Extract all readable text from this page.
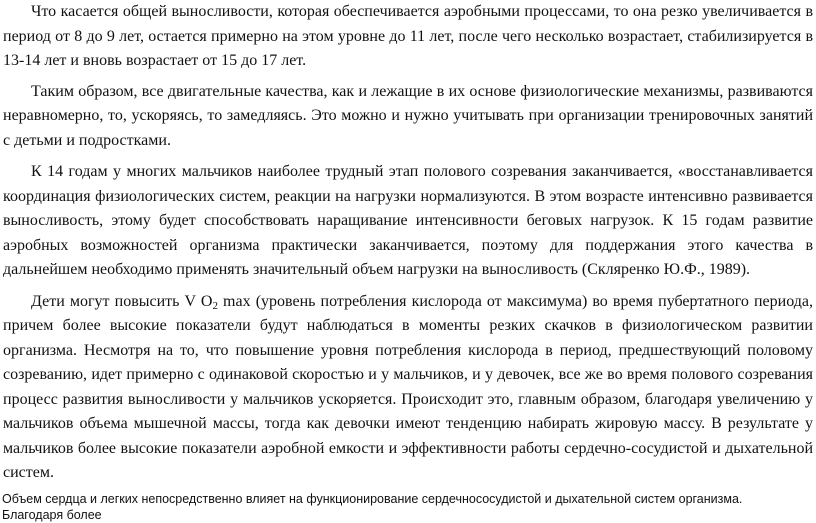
Что касается общей выносливости, которая обеспечивается аэробными процессами, то она резко увеличивается в период от 8 до 9 лет, остается примерно на этом уровне до 11 лет, после чего несколько возрастает, стабилизируется в 13-14 лет и вновь возрастает от 15 до 17 лет.

Таким образом, все двигательные качества, как и лежащие в их основе физиологические механизмы, развиваются неравномерно, то, ускоряясь, то замедляясь. Это можно и нужно учитывать при организации тренировочных занятий с детьми и подростками.

К 14 годам у многих мальчиков наиболее трудный этап полового созревания заканчивается, «восстанавливается координация физиологических систем, реакции на нагрузки нормализуются. В этом возрасте интенсивно развивается выносливость, этому будет способствовать наращивание интенсивности беговых нагрузок. К 15 годам развитие аэробных возможностей организма практически заканчивается, поэтому для поддержания этого качества в дальнейшем необходимо применять значительный объем нагрузки на выносливость (Скляренко Ю.Ф., 1989).

Дети могут повысить V $O_2$ max (уровень потребления кислорода от максимума) во время пубертатного периода, причем более высокие показатели будут наблюдаться в моменты резких скачков в физиологическом развитии организма. Несмотря на то, что повышение уровня потребления кислорода в период, предшествующий половому созреванию, идет примерно с одинаковой скоростью и у мальчиков, и у девочек, все же во время полового созревания процесс развития выносливости у мальчиков ускоряется. Происходит это, главным образом, благодаря увеличению у мальчиков объема мышечной массы, тогда как девочки имеют тенденцию набирать жировую массу. В результате у мальчиков более высокие показатели аэробной емкости и эффективности работы сердечно-сосудистой и дыхательной систем.

Объем сердца и легких непосредственно влияет на функционирование сердечнососудистой и дыхательной систем организма. Благодаря более
